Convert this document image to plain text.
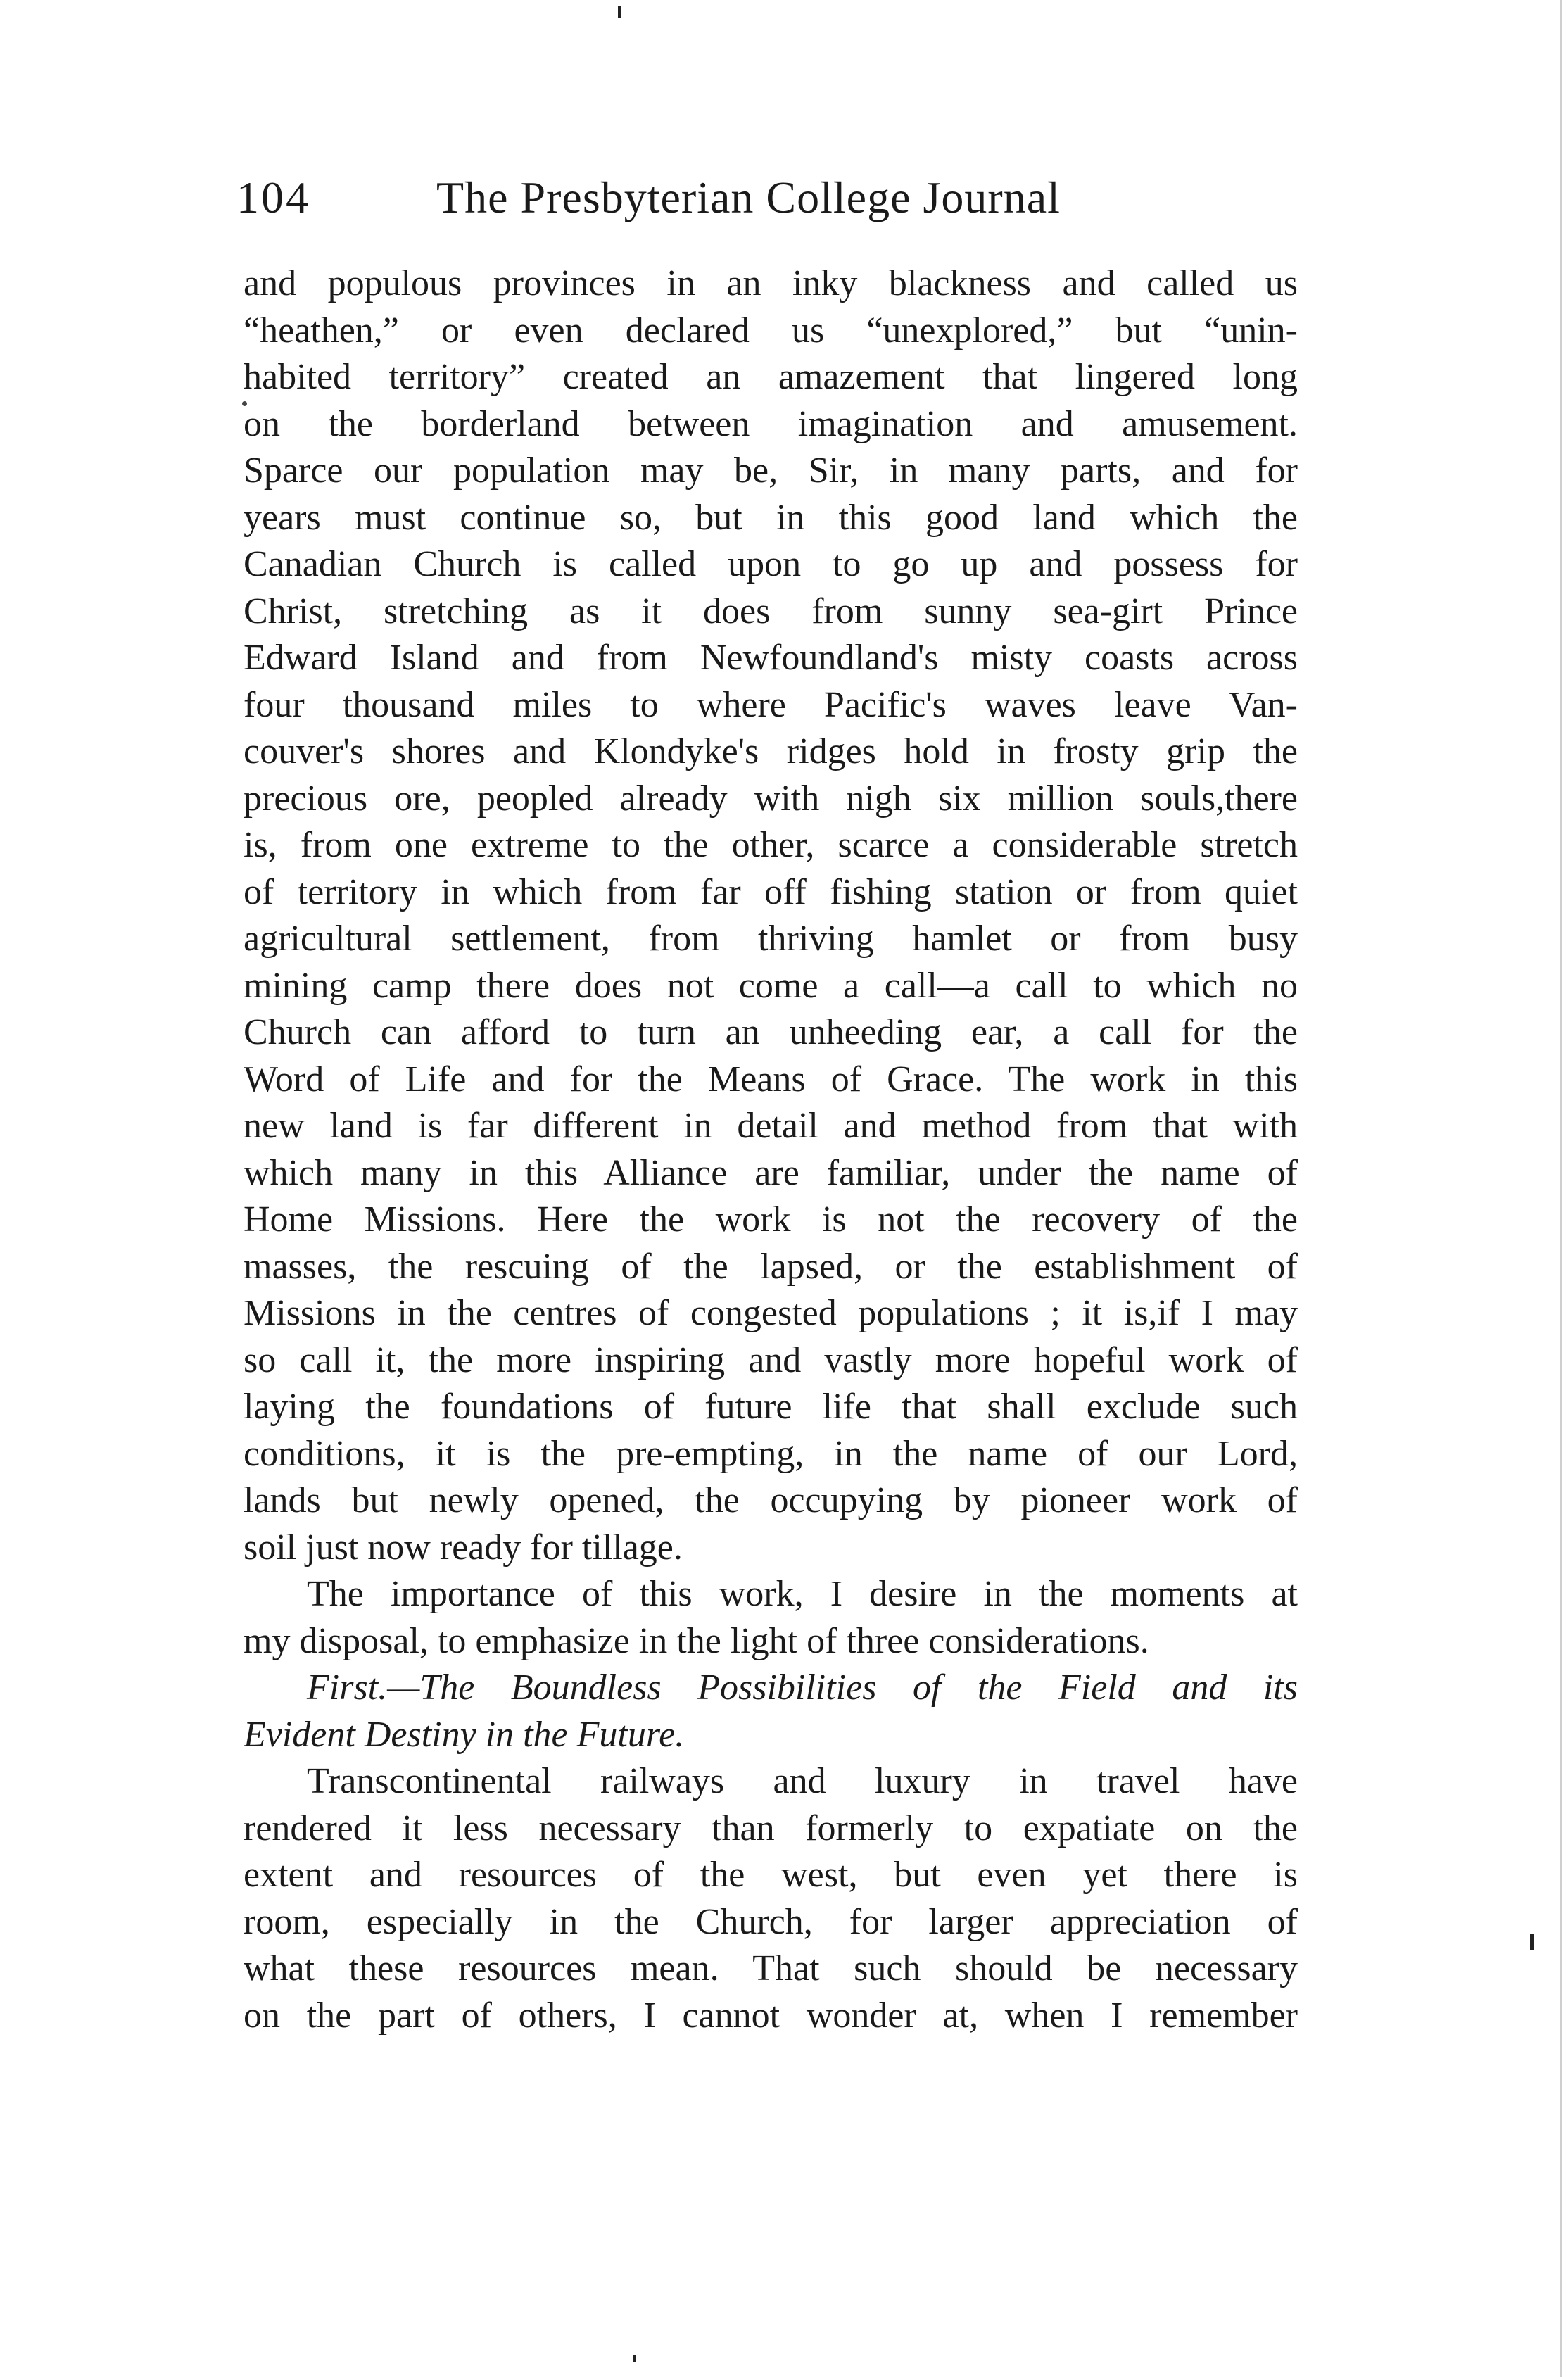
104	The Presbyterian College Journal
and populous provinces in an inky blackness and called us
“heathen,” or even declared us “unexplored,” but “unin-
habited territory” created an amazement that lingered long
on the borderland between imagination and amusement.
Sparce our population may be, Sir, in many parts, and for
years must continue so, but in this good land which the
Canadian Church is called upon to go up and possess for
Christ, stretching as it does from sunny sea-girt Prince
Edward Island and from Newfoundland's misty coasts across
four thousand miles to where Pacific's waves leave Van-
couver's shores and Klondyke's ridges hold in frosty grip the
precious ore, peopled already with nigh six million souls,there
is, from one extreme to the other, scarce a considerable stretch
of territory in which from far off fishing station or from quiet
agricultural settlement, from thriving hamlet or from busy
mining camp there does not come a call—a call to which no
Church can afford to turn an unheeding ear, a call for the
Word of Life and for the Means of Grace. The work in this
new land is far different in detail and method from that with
which many in this Alliance are familiar, under the name of
Home Missions. Here the work is not the recovery of the
masses, the rescuing of the lapsed, or the establishment of
Missions in the centres of congested populations ; it is,if I may
so call it, the more inspiring and vastly more hopeful work of
laying the foundations of future life that shall exclude such
conditions, it is the pre-empting, in the name of our Lord,
lands but newly opened, the occupying by pioneer work of
soil just now ready for tillage.
The importance of this work, I desire in the moments at
my disposal, to emphasize in the light of three considerations.
First.—The Boundless Possibilities of the Field and its
Evident Destiny in the Future.
Transcontinental railways and luxury in travel have
rendered it less necessary than formerly to expatiate on the
extent and resources of the west, but even yet there is
room, especially in the Church, for larger appreciation of
what these resources mean. That such should be necessary
on the part of others, I cannot wonder at, when I remember
